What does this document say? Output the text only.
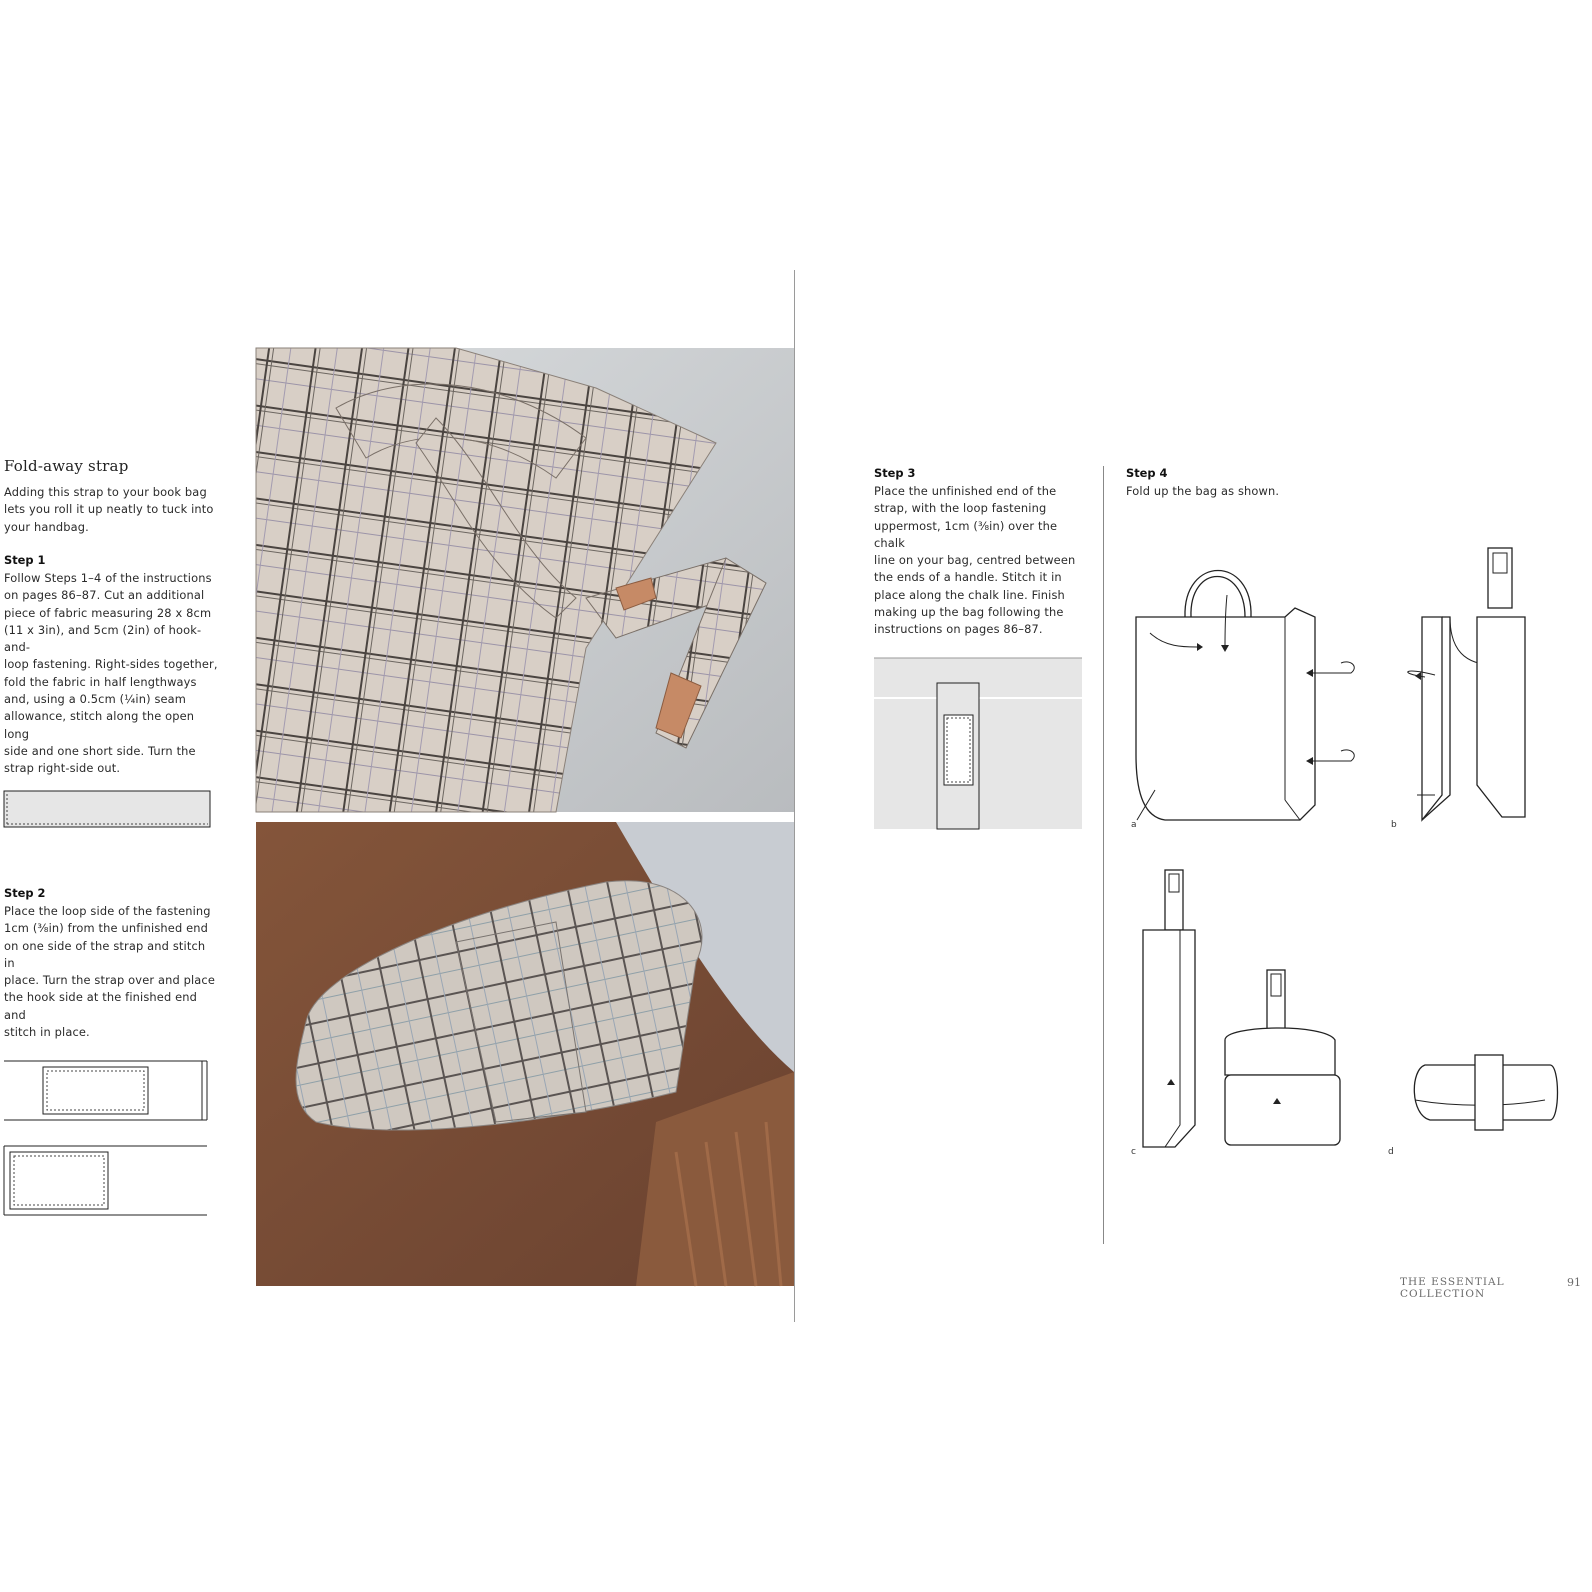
Fold-away strap
Adding this strap to your book bag
lets you roll it up neatly to tuck into
your handbag.
Step 1
Follow Steps 1–4 of the instructions
on pages 86–87. Cut an additional
piece of fabric measuring 28 x 8cm
(11 x 3in), and 5cm (2in) of hook-and-
loop fastening. Right-sides together,
fold the fabric in half lengthways
and, using a 0.5cm (¼in) seam
allowance, stitch along the open long
side and one short side. Turn the
strap right-side out.
Step 2
Place the loop side of the fastening
1cm (⅜in) from the unfinished end
on one side of the strap and stitch in
place. Turn the strap over and place
the hook side at the finished end and
stitch in place.
Step 3
Place the unfinished end of the
strap, with the loop fastening
uppermost, 1cm (⅜in) over the chalk
line on your bag, centred between
the ends of a handle. Stitch it in
place along the chalk line. Finish
making up the bag following the
instructions on pages 86–87.
Step 4
Fold up the bag as shown.
a	b
c	d
THE ESSENTIAL COLLECTION
91
